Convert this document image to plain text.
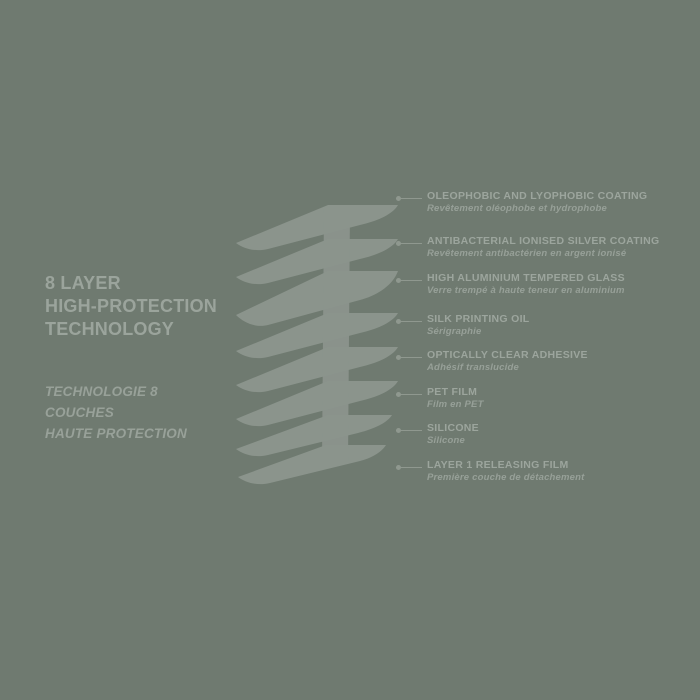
8 LAYER
HIGH-PROTECTION
TECHNOLOGY
TECHNOLOGIE 8
COUCHES
HAUTE PROTECTION
OLEOPHOBIC AND LYOPHOBIC COATING
Revêtement oléophobe et hydrophobe
ANTIBACTERIAL IONISED SILVER COATING
Revêtement antibactérien en argent ionisé
HIGH ALUMINIUM TEMPERED GLASS
Verre trempé à haute teneur en aluminium
SILK PRINTING OIL
Sérigraphie
OPTICALLY CLEAR ADHESIVE
Adhésif translucide
PET FILM
Film en PET
SILICONE
Silicone
LAYER 1 RELEASING FILM
Première couche de détachement
